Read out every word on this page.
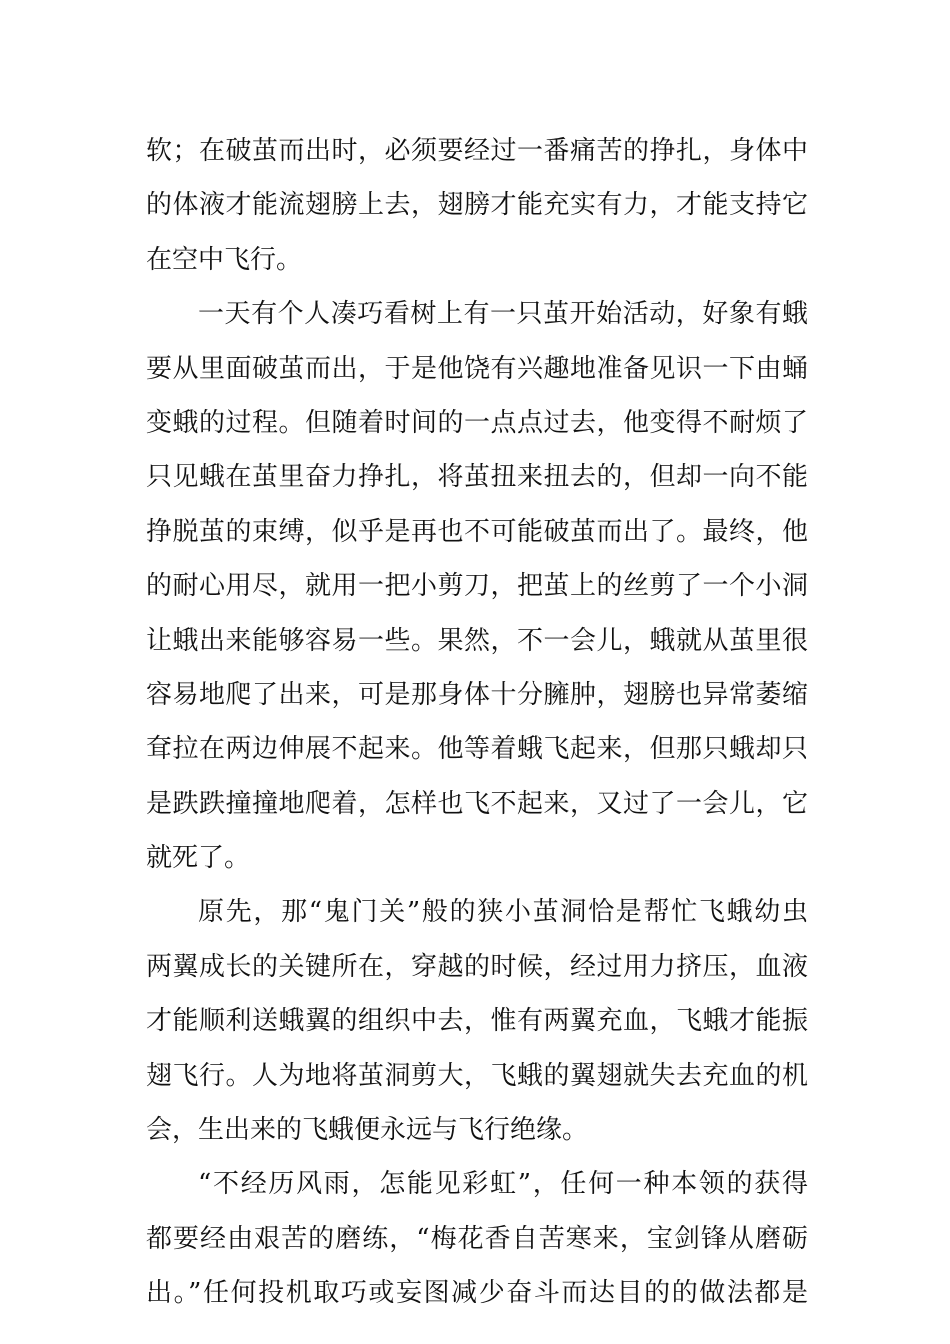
软；在破茧而出时，必须要经过一番痛苦的挣扎，身体中
的体液才能流翅膀上去，翅膀才能充实有力，才能支持它
在空中飞行。
一天有个人凑巧看树上有一只茧开始活动，好象有蛾
要从里面破茧而出，于是他饶有兴趣地准备见识一下由蛹
变蛾的过程。但随着时间的一点点过去，他变得不耐烦了
只见蛾在茧里奋力挣扎，将茧扭来扭去的，但却一向不能
挣脱茧的束缚，似乎是再也不可能破茧而出了。最终，他
的耐心用尽，就用一把小剪刀，把茧上的丝剪了一个小洞
让蛾出来能够容易一些。果然，不一会儿，蛾就从茧里很
容易地爬了出来，可是那身体十分臃肿，翅膀也异常萎缩
耷拉在两边伸展不起来。他等着蛾飞起来，但那只蛾却只
是跌跌撞撞地爬着，怎样也飞不起来，又过了一会儿，它
就死了。
原先，那“鬼门关”般的狭小茧洞恰是帮忙飞蛾幼虫
两翼成长的关键所在，穿越的时候，经过用力挤压，血液
才能顺利送蛾翼的组织中去，惟有两翼充血，飞蛾才能振
翅飞行。人为地将茧洞剪大，飞蛾的翼翅就失去充血的机
会，生出来的飞蛾便永远与飞行绝缘。
“不经历风雨，怎能见彩虹”，任何一种本领的获得
都要经由艰苦的磨练，“梅花香自苦寒来，宝剑锋从磨砺
出。”任何投机取巧或妄图减少奋斗而达目的的做法都是
